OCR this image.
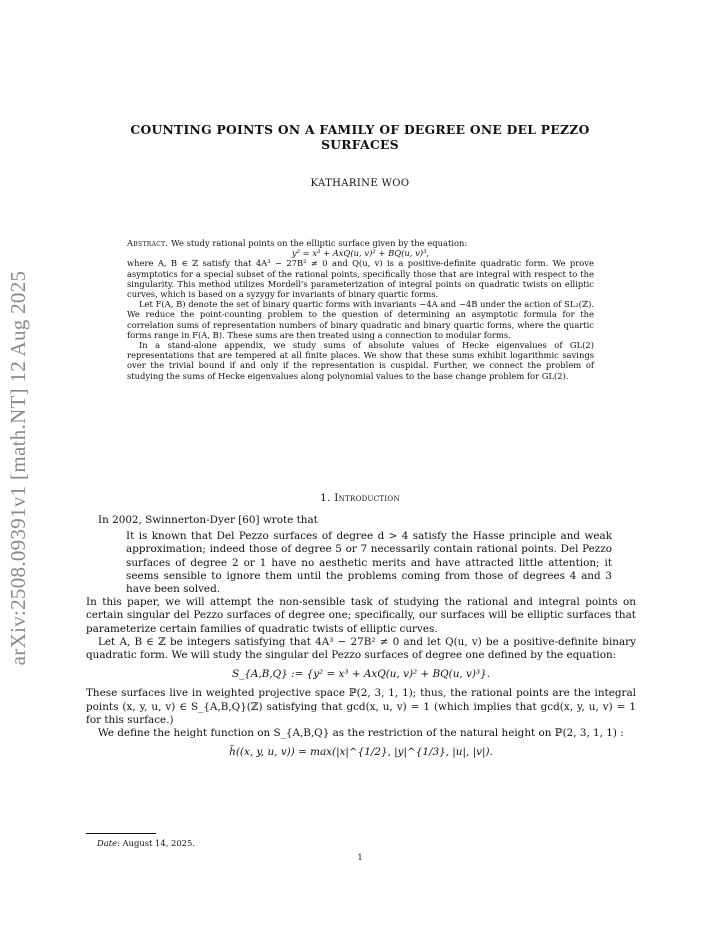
arXiv:2508.09391v1 [math.NT] 12 Aug 2025
COUNTING POINTS ON A FAMILY OF DEGREE ONE DEL PEZZO SURFACES
KATHARINE WOO

Abstract. We study rational points on the elliptic surface given by the equation:

y² = x³ + AxQ(u, v)² + BQ(u, v)³,

where A, B ∈ ℤ satisfy that 4A³ − 27B² ≠ 0 and Q(u, v) is a positive-definite quadratic form. We prove asymptotics for a special subset of the rational points, specifically those that are integral with respect to the singularity. This method utilizes Mordell's parameterization of integral points on quadratic twists on elliptic curves, which is based on a syzygy for invariants of binary quartic forms.

Let F(A, B) denote the set of binary quartic forms with invariants −4A and −4B under the action of SL₂(ℤ). We reduce the point-counting problem to the question of determining an asymptotic formula for the correlation sums of representation numbers of binary quadratic and binary quartic forms, where the quartic forms range in F(A, B). These sums are then treated using a connection to modular forms.

In a stand-alone appendix, we study sums of absolute values of Hecke eigenvalues of GL(2) representations that are tempered at all finite places. We show that these sums exhibit logarithmic savings over the trivial bound if and only if the representation is cuspidal. Further, we connect the problem of studying the sums of Hecke eigenvalues along polynomial values to the base change problem for GL(2).

1. Introduction

In 2002, Swinnerton-Dyer [60] wrote that

It is known that Del Pezzo surfaces of degree d > 4 satisfy the Hasse principle and weak approximation; indeed those of degree 5 or 7 necessarily contain rational points. Del Pezzo surfaces of degree 2 or 1 have no aesthetic merits and have attracted little attention; it seems sensible to ignore them until the problems coming from those of degrees 4 and 3 have been solved.

In this paper, we will attempt the non-sensible task of studying the rational and integral points on certain singular del Pezzo surfaces of degree one; specifically, our surfaces will be elliptic surfaces that parameterize certain families of quadratic twists of elliptic curves.

Let A, B ∈ ℤ be integers satisfying that 4A³ − 27B² ≠ 0 and let Q(u, v) be a positive-definite binary quadratic form. We will study the singular del Pezzo surfaces of degree one defined by the equation:

S_{A,B,Q} := {y² = x³ + AxQ(u, v)² + BQ(u, v)³}.

These surfaces live in weighted projective space ℙ(2, 3, 1, 1); thus, the rational points are the integral points (x, y, u, v) ∈ S_{A,B,Q}(ℤ) satisfying that gcd(x, u, v) = 1 (which implies that gcd(x, y, u, v) = 1 for this surface.)

We define the height function on S_{A,B,Q} as the restriction of the natural height on ℙ(2, 3, 1, 1) :

h̃((x, y, u, v)) = max(|x|^{1/2}, |y|^{1/3}, |u|, |v|).

Date: August 14, 2025.
1
